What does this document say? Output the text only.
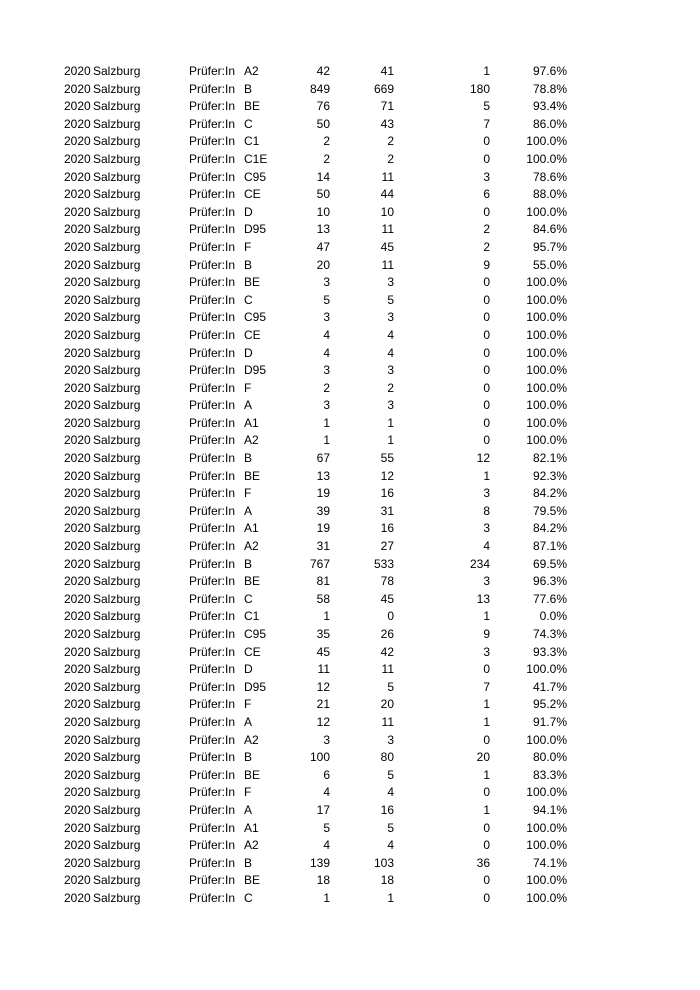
2020 Salzburg	Prüfer:In A2	42	41	1	97.6%
2020 Salzburg	Prüfer:In B	849	669	180	78.8%
2020 Salzburg	Prüfer:In BE	76	71	5	93.4%
2020 Salzburg	Prüfer:In C	50	43	7	86.0%
2020 Salzburg	Prüfer:In C1	2	2	0	100.0%
2020 Salzburg	Prüfer:In C1E	2	2	0	100.0%
2020 Salzburg	Prüfer:In C95	14	11	3	78.6%
2020 Salzburg	Prüfer:In CE	50	44	6	88.0%
2020 Salzburg	Prüfer:In D	10	10	0	100.0%
2020 Salzburg	Prüfer:In D95	13	11	2	84.6%
2020 Salzburg	Prüfer:In F	47	45	2	95.7%
2020 Salzburg	Prüfer:In B	20	11	9	55.0%
2020 Salzburg	Prüfer:In BE	3	3	0	100.0%
2020 Salzburg	Prüfer:In C	5	5	0	100.0%
2020 Salzburg	Prüfer:In C95	3	3	0	100.0%
2020 Salzburg	Prüfer:In CE	4	4	0	100.0%
2020 Salzburg	Prüfer:In D	4	4	0	100.0%
2020 Salzburg	Prüfer:In D95	3	3	0	100.0%
2020 Salzburg	Prüfer:In F	2	2	0	100.0%
2020 Salzburg	Prüfer:In A	3	3	0	100.0%
2020 Salzburg	Prüfer:In A1	1	1	0	100.0%
2020 Salzburg	Prüfer:In A2	1	1	0	100.0%
2020 Salzburg	Prüfer:In B	67	55	12	82.1%
2020 Salzburg	Prüfer:In BE	13	12	1	92.3%
2020 Salzburg	Prüfer:In F	19	16	3	84.2%
2020 Salzburg	Prüfer:In A	39	31	8	79.5%
2020 Salzburg	Prüfer:In A1	19	16	3	84.2%
2020 Salzburg	Prüfer:In A2	31	27	4	87.1%
2020 Salzburg	Prüfer:In B	767	533	234	69.5%
2020 Salzburg	Prüfer:In BE	81	78	3	96.3%
2020 Salzburg	Prüfer:In C	58	45	13	77.6%
2020 Salzburg	Prüfer:In C1	1	0	1	0.0%
2020 Salzburg	Prüfer:In C95	35	26	9	74.3%
2020 Salzburg	Prüfer:In CE	45	42	3	93.3%
2020 Salzburg	Prüfer:In D	11	11	0	100.0%
2020 Salzburg	Prüfer:In D95	12	5	7	41.7%
2020 Salzburg	Prüfer:In F	21	20	1	95.2%
2020 Salzburg	Prüfer:In A	12	11	1	91.7%
2020 Salzburg	Prüfer:In A2	3	3	0	100.0%
2020 Salzburg	Prüfer:In B	100	80	20	80.0%
2020 Salzburg	Prüfer:In BE	6	5	1	83.3%
2020 Salzburg	Prüfer:In F	4	4	0	100.0%
2020 Salzburg	Prüfer:In A	17	16	1	94.1%
2020 Salzburg	Prüfer:In A1	5	5	0	100.0%
2020 Salzburg	Prüfer:In A2	4	4	0	100.0%
2020 Salzburg	Prüfer:In B	139	103	36	74.1%
2020 Salzburg	Prüfer:In BE	18	18	0	100.0%
2020 Salzburg	Prüfer:In C	1	1	0	100.0%
